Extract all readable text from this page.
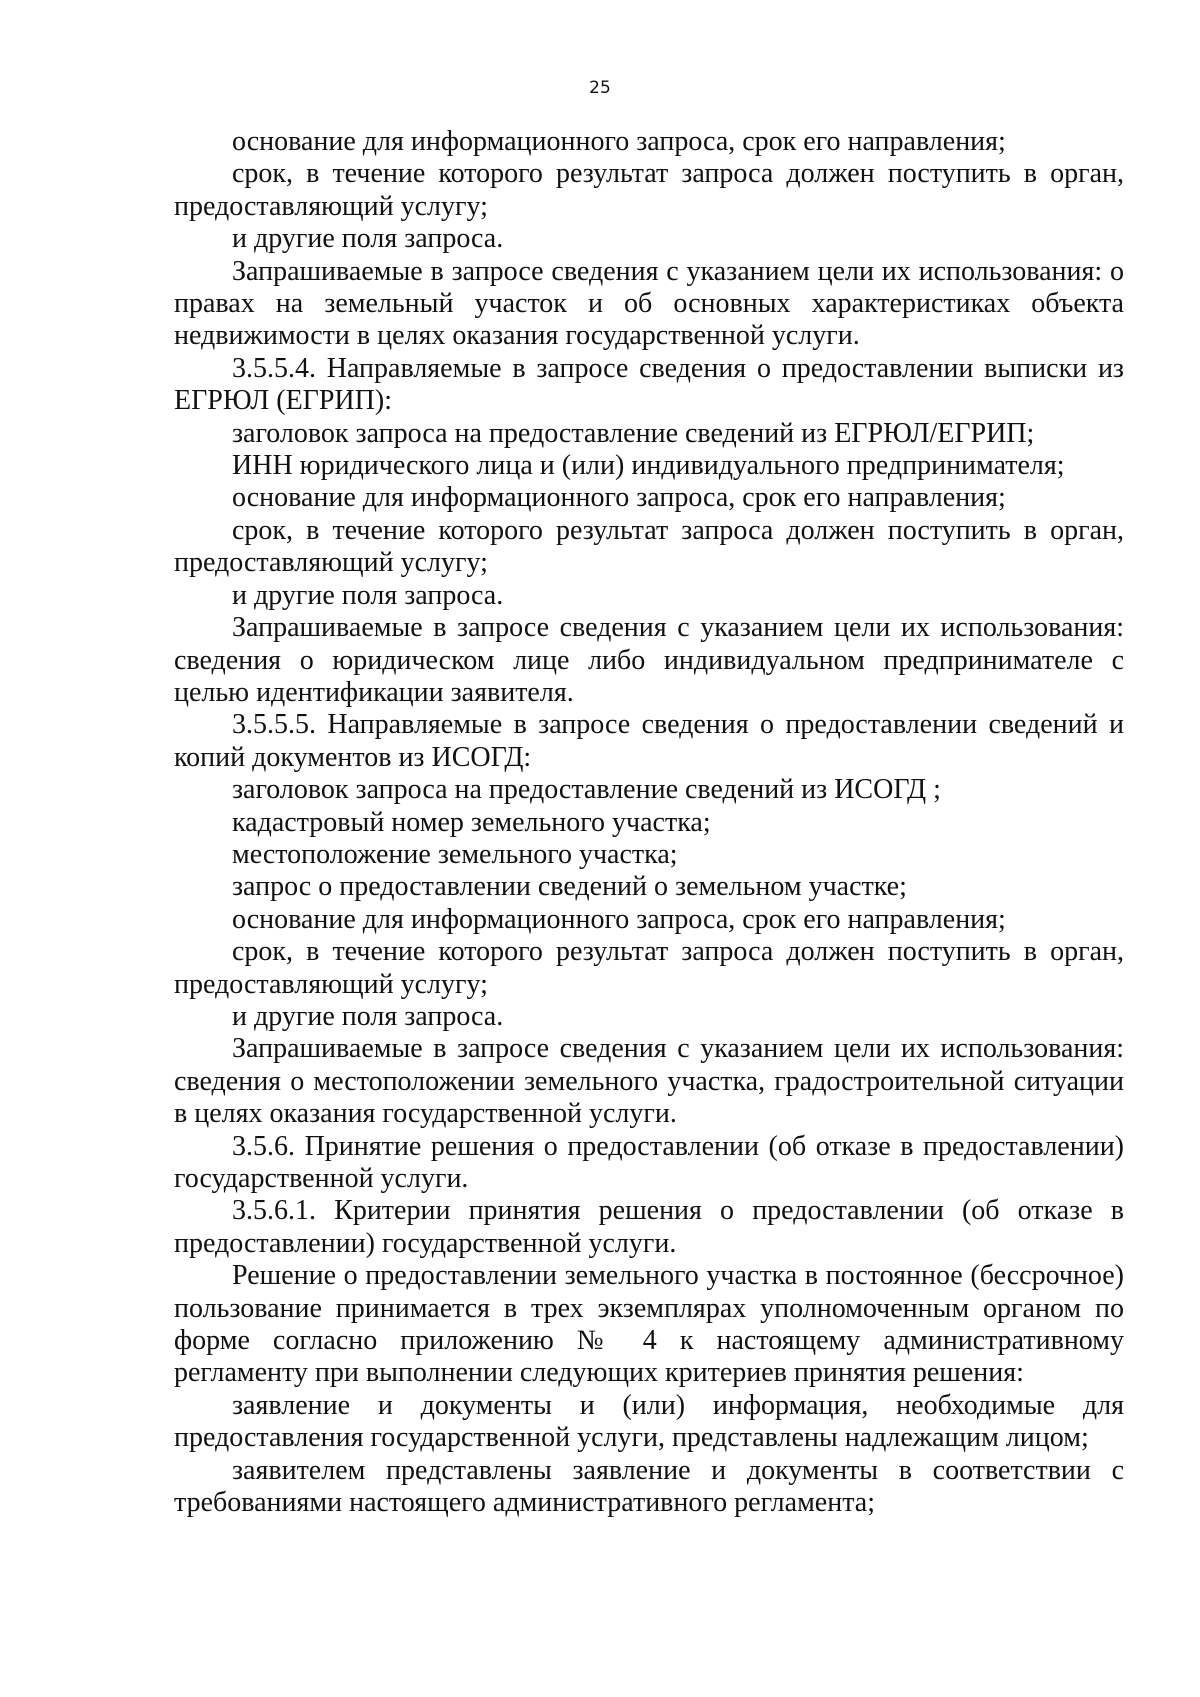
25

основание для информационного запроса, срок его направления;

срок, в течение которого результат запроса должен поступить в орган, предоставляющий услугу;

и другие поля запроса.

Запрашиваемые в запросе сведения с указанием цели их использования: о правах на земельный участок и об основных характеристиках объекта недвижимости в целях оказания государственной услуги.

3.5.5.4. Направляемые в запросе сведения о предоставлении выписки из ЕГРЮЛ (ЕГРИП):

заголовок запроса на предоставление сведений из ЕГРЮЛ/ЕГРИП;

ИНН юридического лица и (или) индивидуального предпринимателя;

основание для информационного запроса, срок его направления;

срок, в течение которого результат запроса должен поступить в орган, предоставляющий услугу;

и другие поля запроса.

Запрашиваемые в запросе сведения с указанием цели их использования: сведения о юридическом лице либо индивидуальном предпринимателе с целью идентификации заявителя.

3.5.5.5. Направляемые в запросе сведения о предоставлении сведений и копий документов из ИСОГД:

заголовок запроса на предоставление сведений из ИСОГД ;

кадастровый номер земельного участка;

местоположение земельного участка;

запрос о предоставлении сведений о земельном участке;

основание для информационного запроса, срок его направления;

срок, в течение которого результат запроса должен поступить в орган, предоставляющий услугу;

и другие поля запроса.

Запрашиваемые в запросе сведения с указанием цели их использования: сведения о местоположении земельного участка, градостроительной ситуации в целях оказания государственной услуги.

3.5.6. Принятие решения о предоставлении (об отказе в предоставлении) государственной услуги.

3.5.6.1. Критерии принятия решения о предоставлении (об отказе в предоставлении) государственной услуги.

Решение о предоставлении земельного участка в постоянное (бессрочное) пользование принимается в трех экземплярах уполномоченным органом по форме согласно приложению № 4 к настоящему административному регламенту при выполнении следующих критериев принятия решения:

заявление и документы и (или) информация, необходимые для предоставления государственной услуги, представлены надлежащим лицом;

заявителем представлены заявление и документы в соответствии с требованиями настоящего административного регламента;
